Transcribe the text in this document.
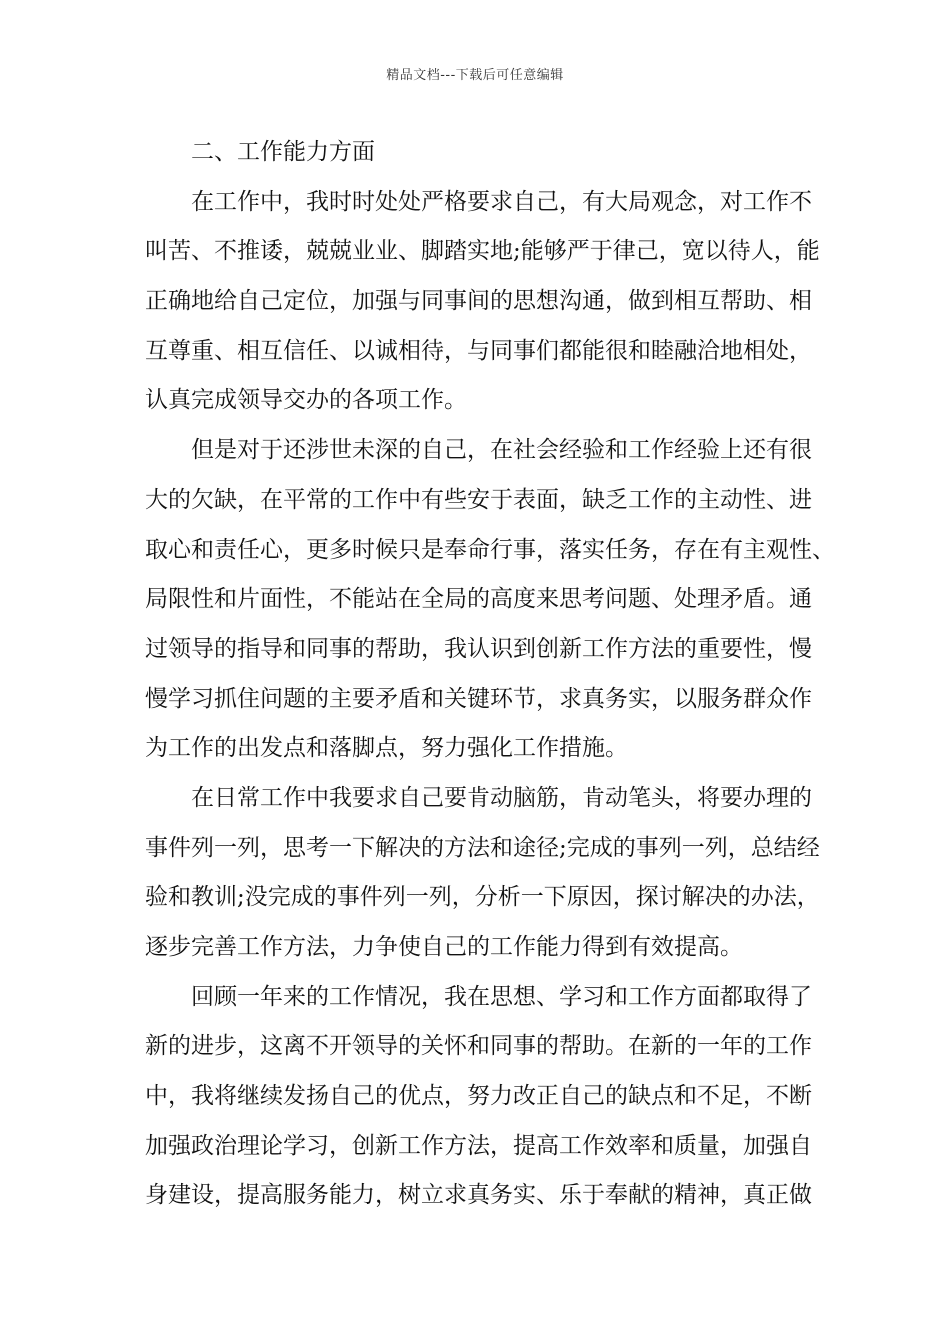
精品文档---下载后可任意编辑
二、工作能力方面
在工作中，我时时处处严格要求自己，有大局观念，对工作不
叫苦、不推诿，兢兢业业、脚踏实地;能够严于律己，宽以待人，能
正确地给自己定位，加强与同事间的思想沟通，做到相互帮助、相
互尊重、相互信任、以诚相待，与同事们都能很和睦融洽地相处，
认真完成领导交办的各项工作。
但是对于还涉世未深的自己，在社会经验和工作经验上还有很
大的欠缺，在平常的工作中有些安于表面，缺乏工作的主动性、进
取心和责任心，更多时候只是奉命行事，落实任务，存在有主观性、
局限性和片面性，不能站在全局的高度来思考问题、处理矛盾。通
过领导的指导和同事的帮助，我认识到创新工作方法的重要性，慢
慢学习抓住问题的主要矛盾和关键环节，求真务实，以服务群众作
为工作的出发点和落脚点，努力强化工作措施。
在日常工作中我要求自己要肯动脑筋，肯动笔头，将要办理的
事件列一列，思考一下解决的方法和途径;完成的事列一列，总结经
验和教训;没完成的事件列一列，分析一下原因，探讨解决的办法，
逐步完善工作方法，力争使自己的工作能力得到有效提高。
回顾一年来的工作情况，我在思想、学习和工作方面都取得了
新的进步，这离不开领导的关怀和同事的帮助。在新的一年的工作
中，我将继续发扬自己的优点，努力改正自己的缺点和不足，不断
加强政治理论学习，创新工作方法，提高工作效率和质量，加强自
身建设，提高服务能力，树立求真务实、乐于奉献的精神，真正做
